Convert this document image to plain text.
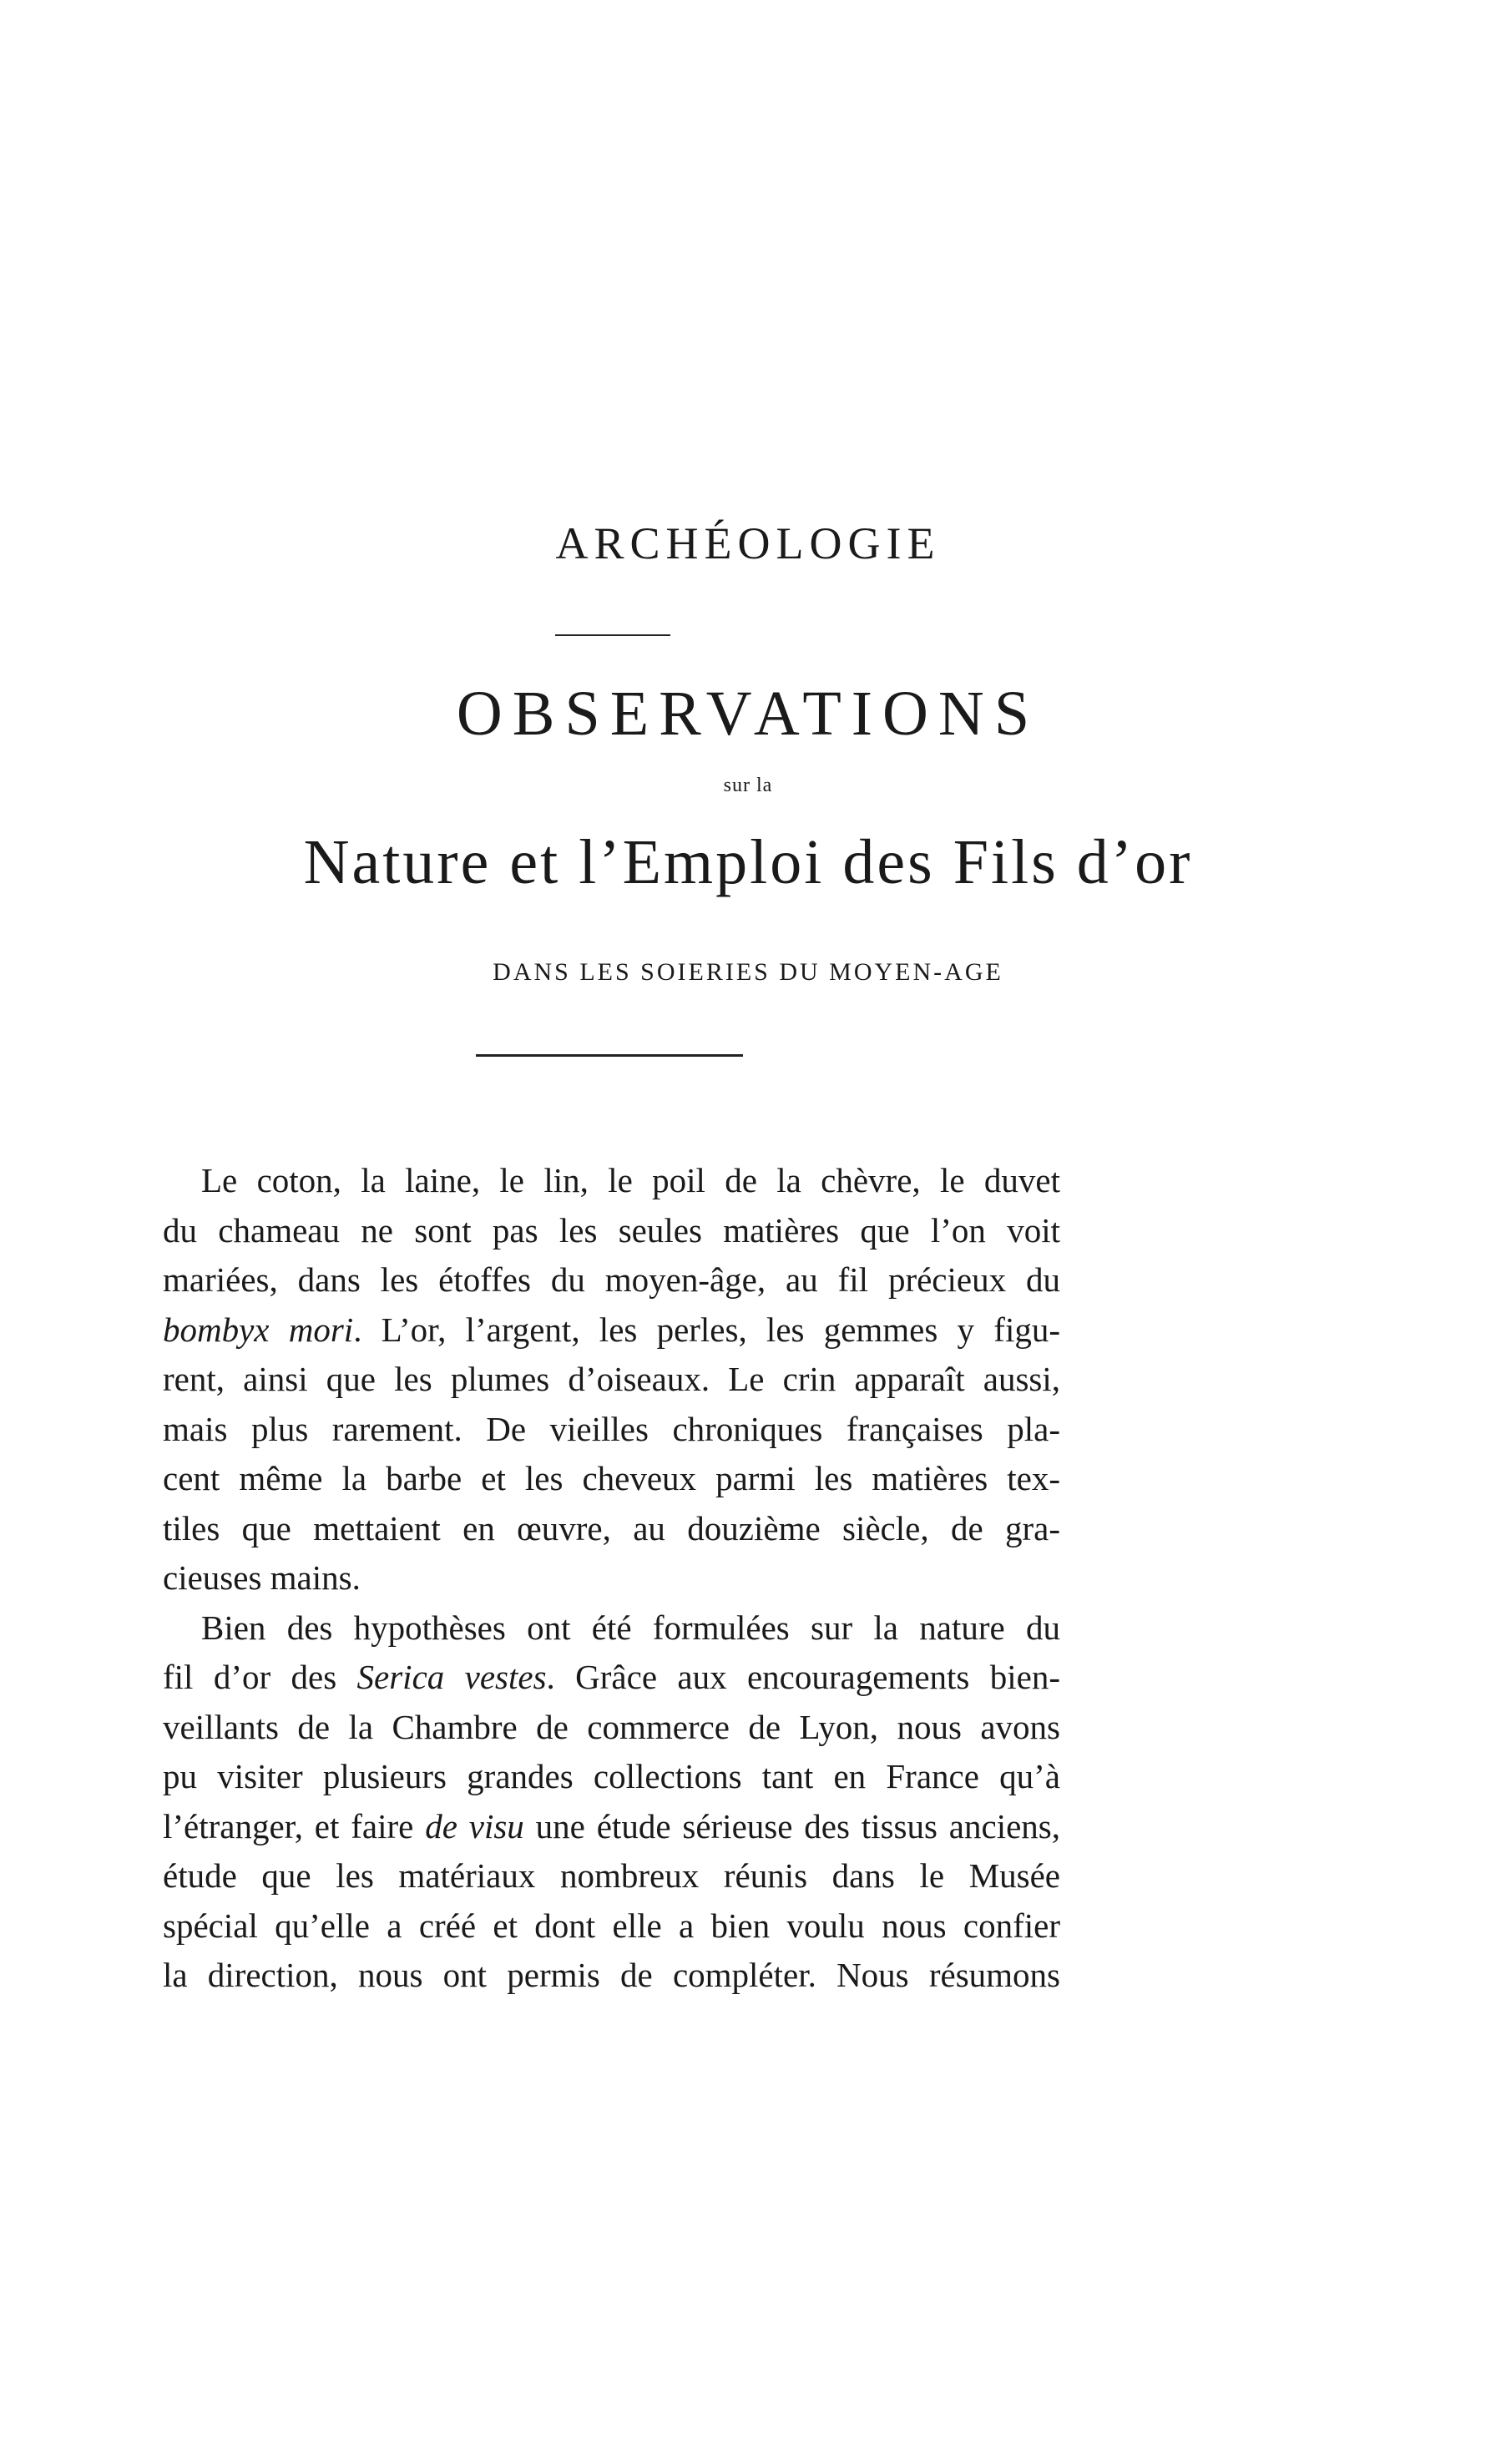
ARCHÉOLOGIE
OBSERVATIONS
sur la
Nature et l’Emploi des Fils d’or
DANS LES SOIERIES DU MOYEN-AGE
Le coton, la laine, le lin, le poil de la chèvre, le duvet
du chameau ne sont pas les seules matières que l’on voit
mariées, dans les étoffes du moyen-âge, au fil précieux du
bombyx mori. L’or, l’argent, les perles, les gemmes y figu-
rent, ainsi que les plumes d’oiseaux. Le crin apparaît aussi,
mais plus rarement. De vieilles chroniques françaises pla-
cent même la barbe et les cheveux parmi les matières tex-
tiles que mettaient en œuvre, au douzième siècle, de gra-
cieuses mains.
Bien des hypothèses ont été formulées sur la nature du
fil d’or des Serica vestes. Grâce aux encouragements bien-
veillants de la Chambre de commerce de Lyon, nous avons
pu visiter plusieurs grandes collections tant en France qu’à
l’étranger, et faire de visu une étude sérieuse des tissus anciens,
étude que les matériaux nombreux réunis dans le Musée
spécial qu’elle a créé et dont elle a bien voulu nous confier
la direction, nous ont permis de compléter. Nous résumons
